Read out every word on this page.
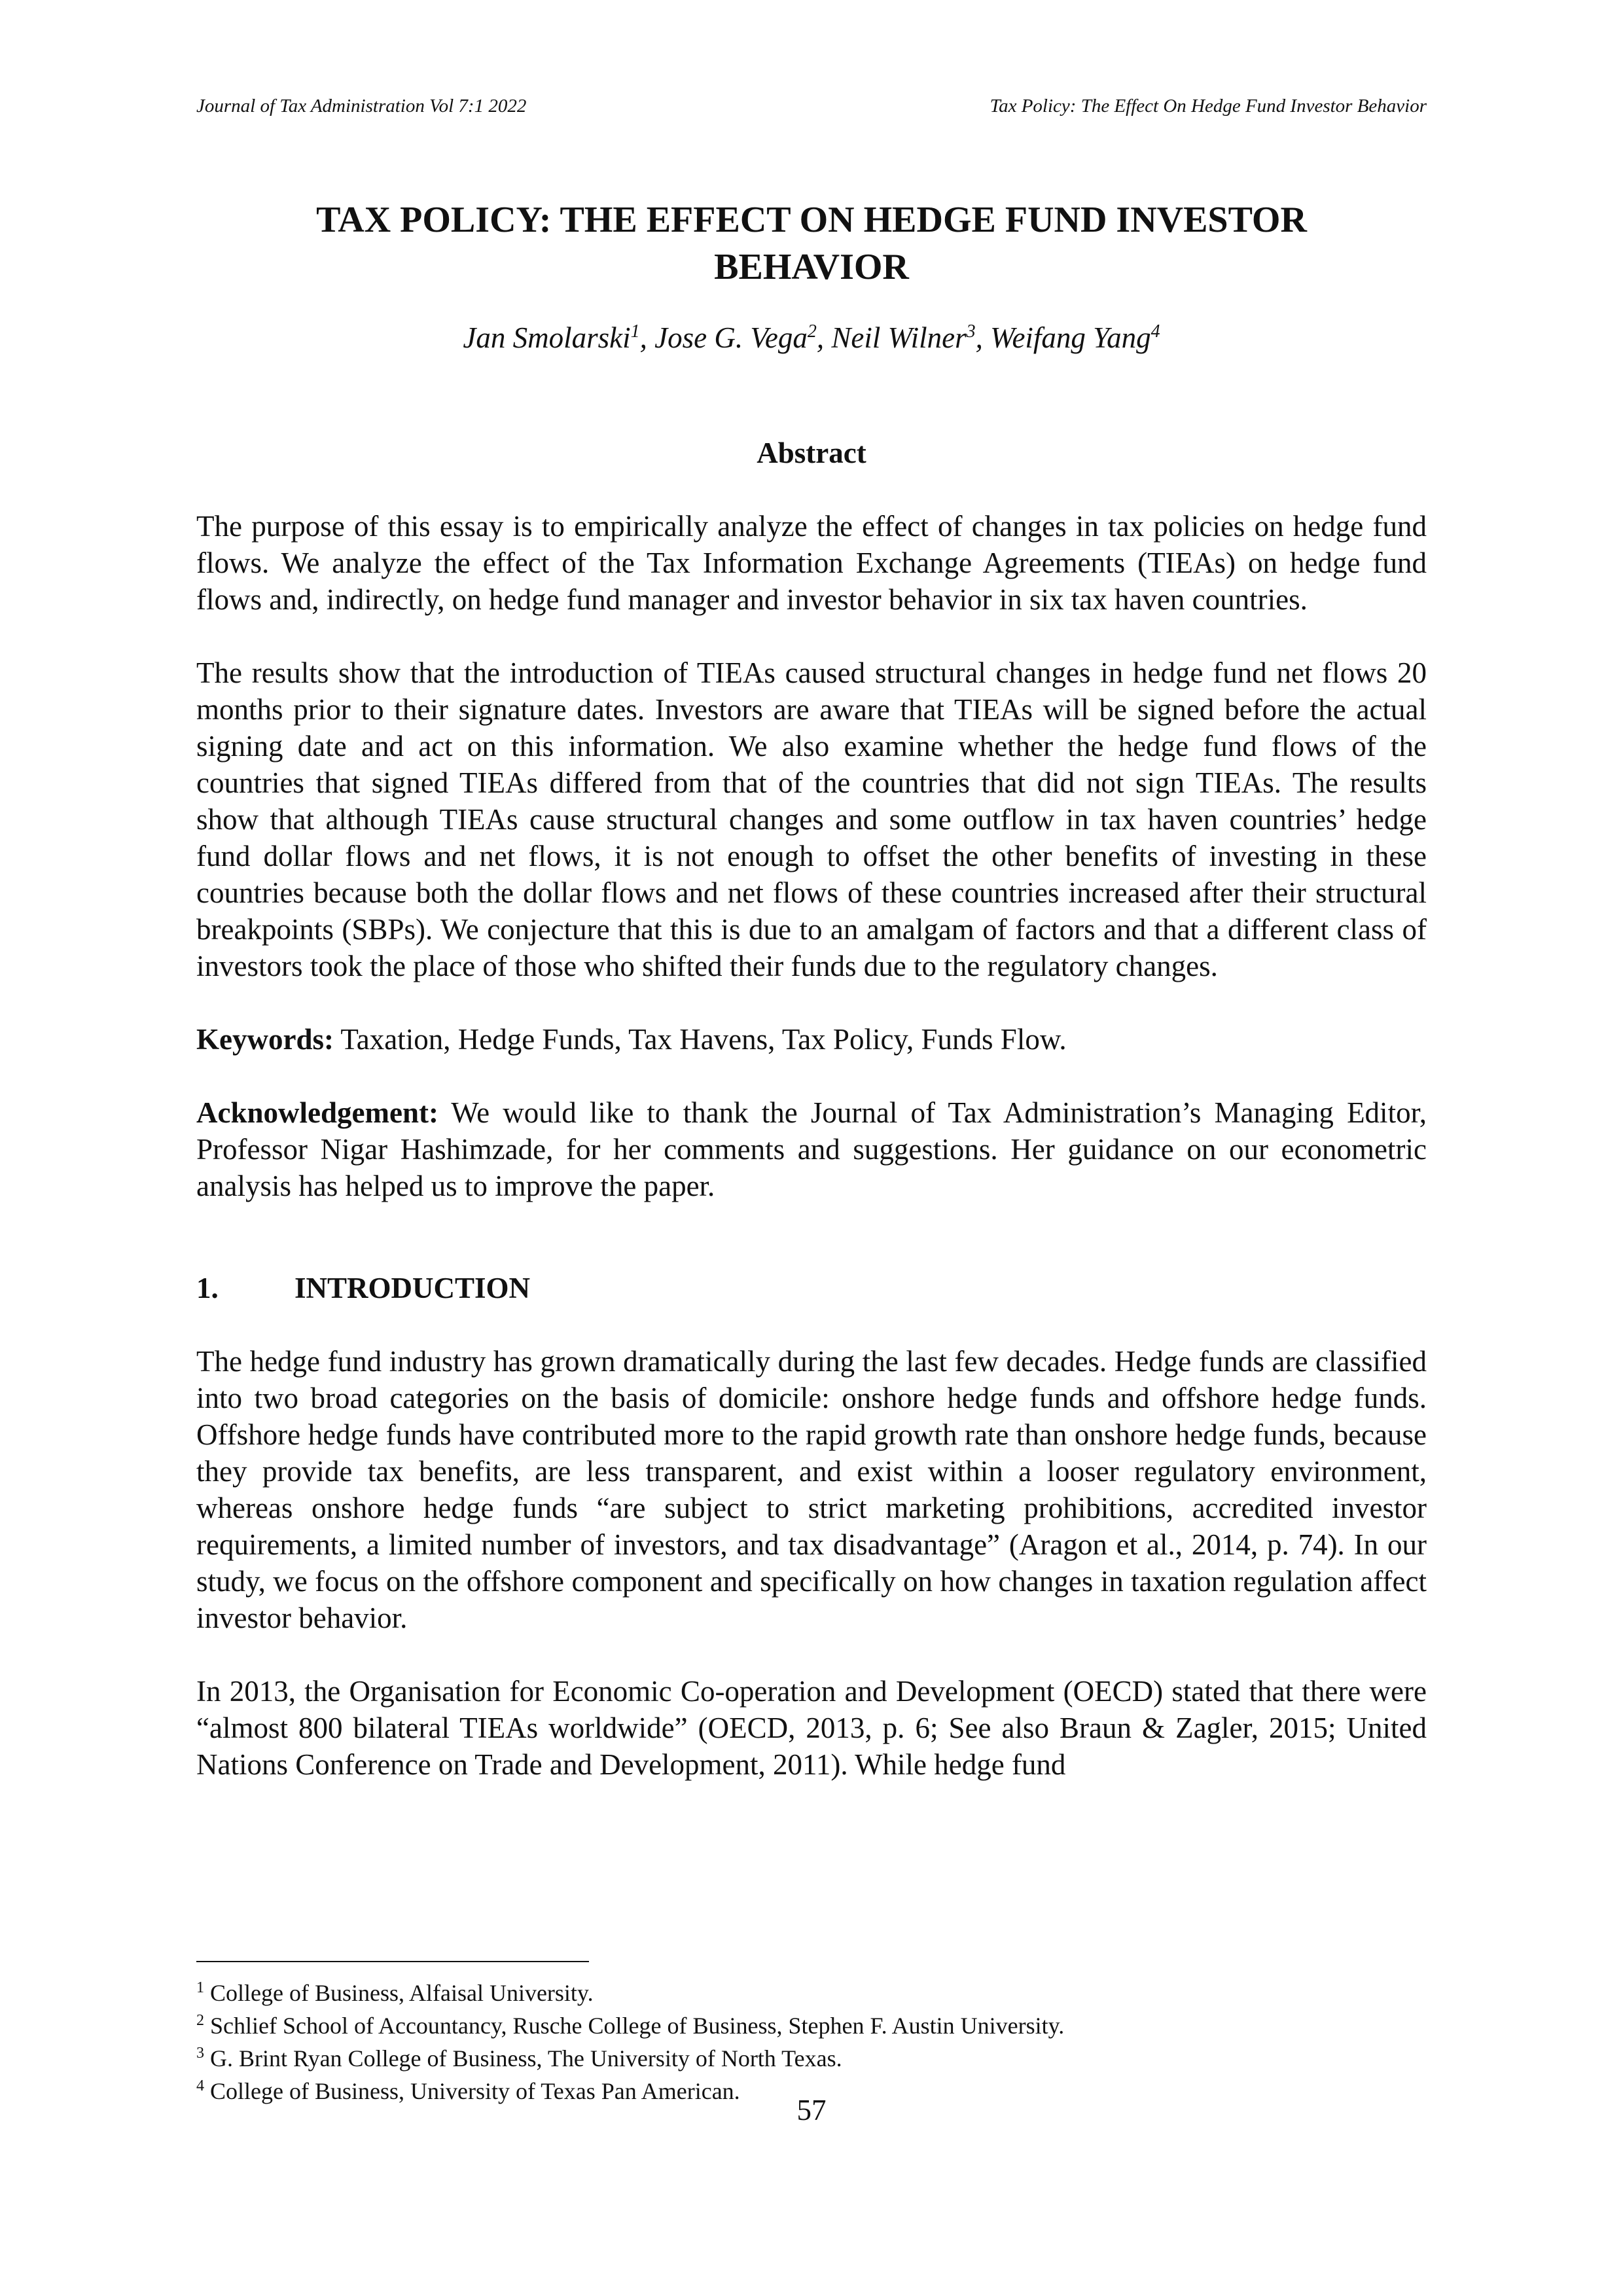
Journal of Tax Administration Vol 7:1 2022	Tax Policy: The Effect On Hedge Fund Investor Behavior
TAX POLICY: THE EFFECT ON HEDGE FUND INVESTOR
BEHAVIOR
Jan Smolarski$^1$, Jose G. Vega$^2$, Neil Wilner$^3$, Weifang Yang$^4$
Abstract

The purpose of this essay is to empirically analyze the effect of changes in tax policies on hedge fund flows. We analyze the effect of the Tax Information Exchange Agreements (TIEAs) on hedge fund flows and, indirectly, on hedge fund manager and investor behavior in six tax haven countries.

The results show that the introduction of TIEAs caused structural changes in hedge fund net flows 20 months prior to their signature dates. Investors are aware that TIEAs will be signed before the actual signing date and act on this information. We also examine whether the hedge fund flows of the countries that signed TIEAs differed from that of the countries that did not sign TIEAs. The results show that although TIEAs cause structural changes and some outflow in tax haven countries’ hedge fund dollar flows and net flows, it is not enough to offset the other benefits of investing in these countries because both the dollar flows and net flows of these countries increased after their structural breakpoints (SBPs). We conjecture that this is due to an amalgam of factors and that a different class of investors took the place of those who shifted their funds due to the regulatory changes.

Keywords: Taxation, Hedge Funds, Tax Havens, Tax Policy, Funds Flow.

Acknowledgement: We would like to thank the Journal of Tax Administration’s Managing Editor, Professor Nigar Hashimzade, for her comments and suggestions. Her guidance on our econometric analysis has helped us to improve the paper.

1.	INTRODUCTION

The hedge fund industry has grown dramatically during the last few decades. Hedge funds are classified into two broad categories on the basis of domicile: onshore hedge funds and offshore hedge funds. Offshore hedge funds have contributed more to the rapid growth rate than onshore hedge funds, because they provide tax benefits, are less transparent, and exist within a looser regulatory environment, whereas onshore hedge funds “are subject to strict marketing prohibitions, accredited investor requirements, a limited number of investors, and tax disadvantage” (Aragon et al., 2014, p. 74). In our study, we focus on the offshore component and specifically on how changes in taxation regulation affect investor behavior.

In 2013, the Organisation for Economic Co-operation and Development (OECD) stated that there were “almost 800 bilateral TIEAs worldwide” (OECD, 2013, p. 6; See also Braun & Zagler, 2015; United Nations Conference on Trade and Development, 2011). While hedge fund

$^1$ College of Business, Alfaisal University.
$^2$ Schlief School of Accountancy, Rusche College of Business, Stephen F. Austin University.
$^3$ G. Brint Ryan College of Business, The University of North Texas.
$^4$ College of Business, University of Texas Pan American.
57
